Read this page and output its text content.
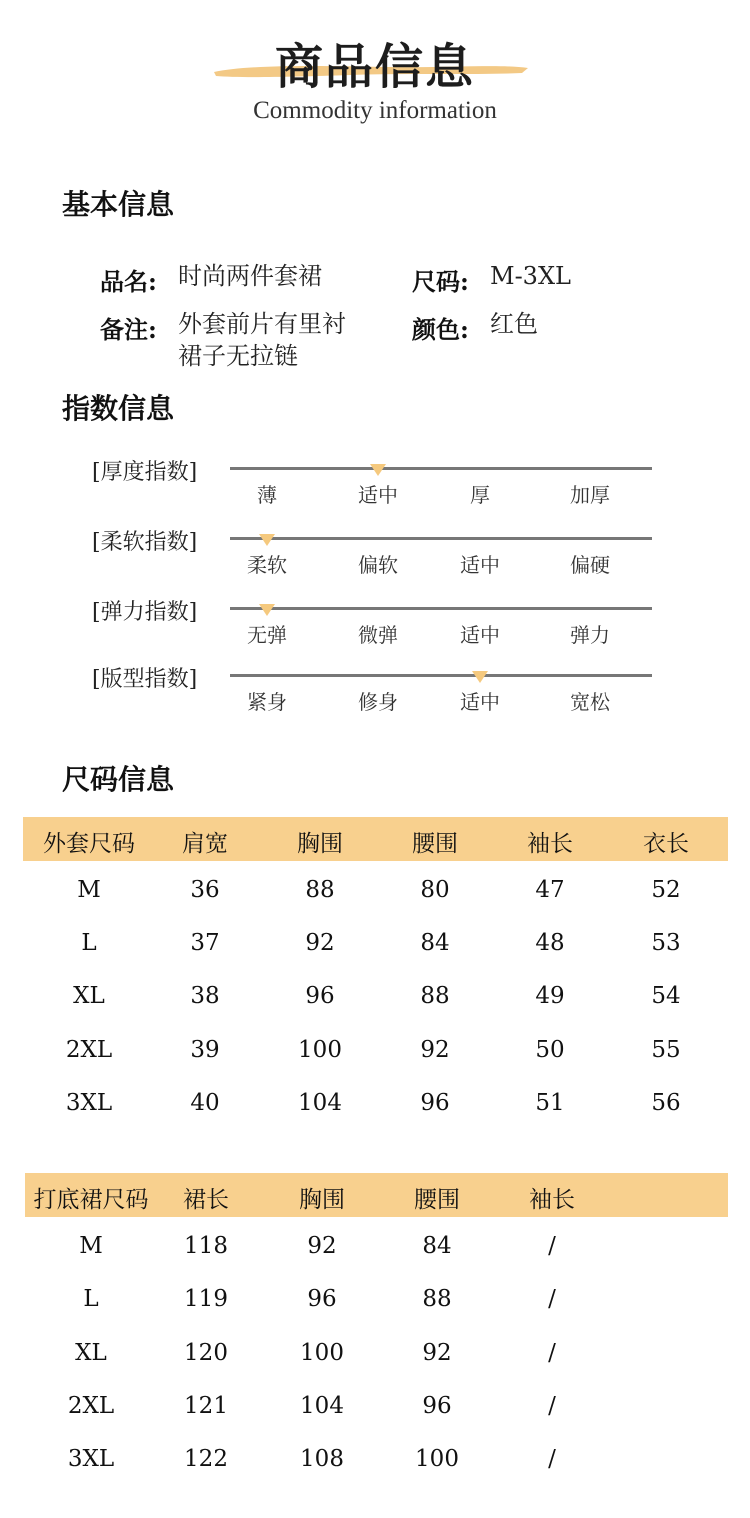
商品信息
Commodity information
基本信息
品名: 时尚两件套裙	尺码: M-3XL
备注: 外套前片有里衬
裙子无拉链
颜色: 红色
指数信息
[厚度指数]
薄	适中	厚	加厚
[柔软指数]
柔软	偏软	适中	偏硬
[弹力指数]
无弹	微弹	适中	弹力
[版型指数]
紧身	修身	适中	宽松
尺码信息
外套尺码	肩宽	胸围	腰围	袖长	衣长
M	36	88	80	47	52
L	37	92	84	48	53
XL	38	96	88	49	54
2XL	39	100	92	50	55
3XL	40	104	96	51	56
打底裙尺码	裙长	胸围	腰围	袖长
M	118	92	84	/
L	119	96	88	/
XL	120	100	92	/
2XL	121	104	96	/
3XL	122	108	100	/
